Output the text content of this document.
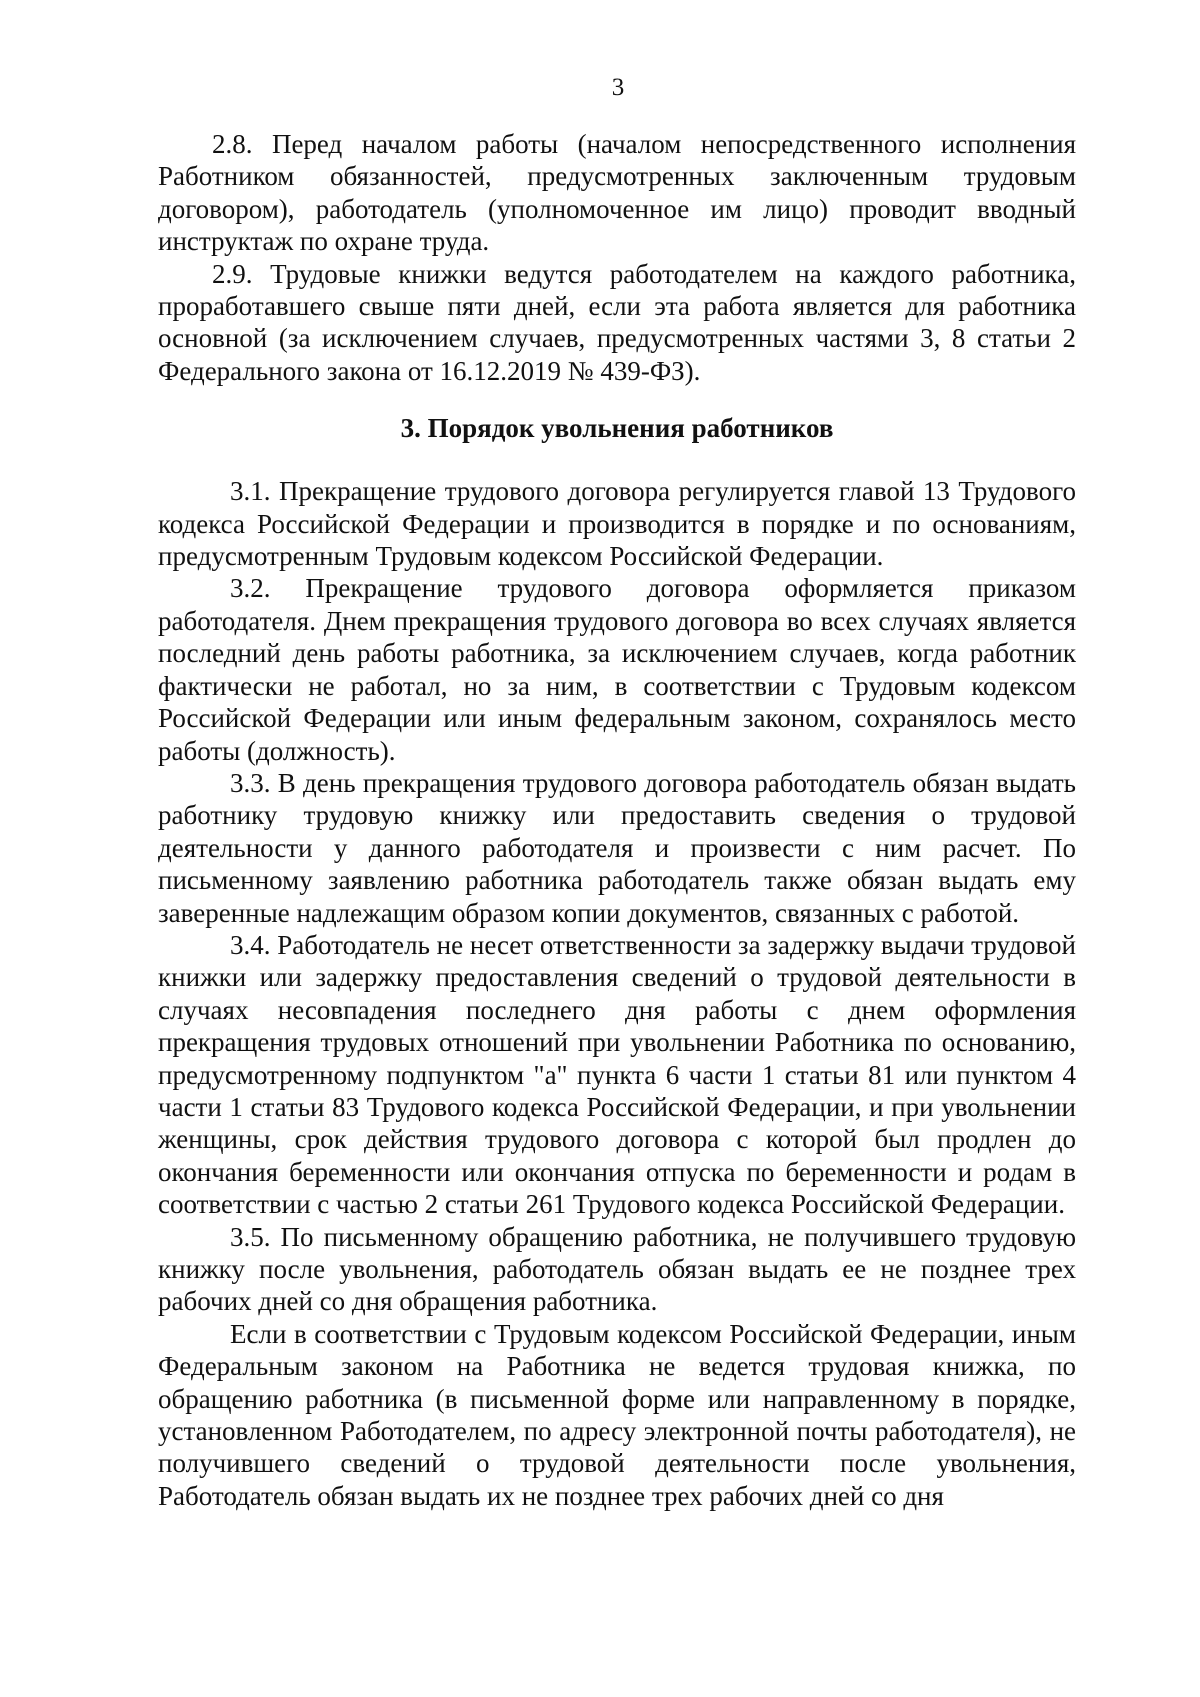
3

2.8. Перед началом работы (началом непосредственного исполнения Работником обязанностей, предусмотренных заключенным трудовым договором), работодатель (уполномоченное им лицо) проводит вводный инструктаж по охране труда.

2.9. Трудовые книжки ведутся работодателем на каждого работника, проработавшего свыше пяти дней, если эта работа является для работника основной (за исключением случаев, предусмотренных частями 3, 8 статьи 2 Федерального закона от 16.12.2019 № 439-ФЗ).

3. Порядок увольнения работников

3.1. Прекращение трудового договора регулируется главой 13 Трудового кодекса Российской Федерации и производится в порядке и по основаниям, предусмотренным Трудовым кодексом Российской Федерации.

3.2. Прекращение трудового договора оформляется приказом работодателя. Днем прекращения трудового договора во всех случаях является последний день работы работника, за исключением случаев, когда работник фактически не работал, но за ним, в соответствии с Трудовым кодексом Российской Федерации или иным федеральным законом, сохранялось место работы (должность).

3.3. В день прекращения трудового договора работодатель обязан выдать работнику трудовую книжку или предоставить сведения о трудовой деятельности у данного работодателя и произвести с ним расчет. По письменному заявлению работника работодатель также обязан выдать ему заверенные надлежащим образом копии документов, связанных с работой.

3.4. Работодатель не несет ответственности за задержку выдачи трудовой книжки или задержку предоставления сведений о трудовой деятельности в случаях несовпадения последнего дня работы с днем оформления прекращения трудовых отношений при увольнении Работника по основанию, предусмотренному подпунктом "а" пункта 6 части 1 статьи 81 или пунктом 4 части 1 статьи 83 Трудового кодекса Российской Федерации, и при увольнении женщины, срок действия трудового договора с которой был продлен до окончания беременности или окончания отпуска по беременности и родам в соответствии с частью 2 статьи 261 Трудового кодекса Российской Федерации.

3.5. По письменному обращению работника, не получившего трудовую книжку после увольнения, работодатель обязан выдать ее не позднее трех рабочих дней со дня обращения работника.

Если в соответствии с Трудовым кодексом Российской Федерации, иным Федеральным законом на Работника не ведется трудовая книжка, по обращению работника (в письменной форме или направленному в порядке, установленном Работодателем, по адресу электронной почты работодателя), не получившего сведений о трудовой деятельности после увольнения, Работодатель обязан выдать их не позднее трех рабочих дней со дня
